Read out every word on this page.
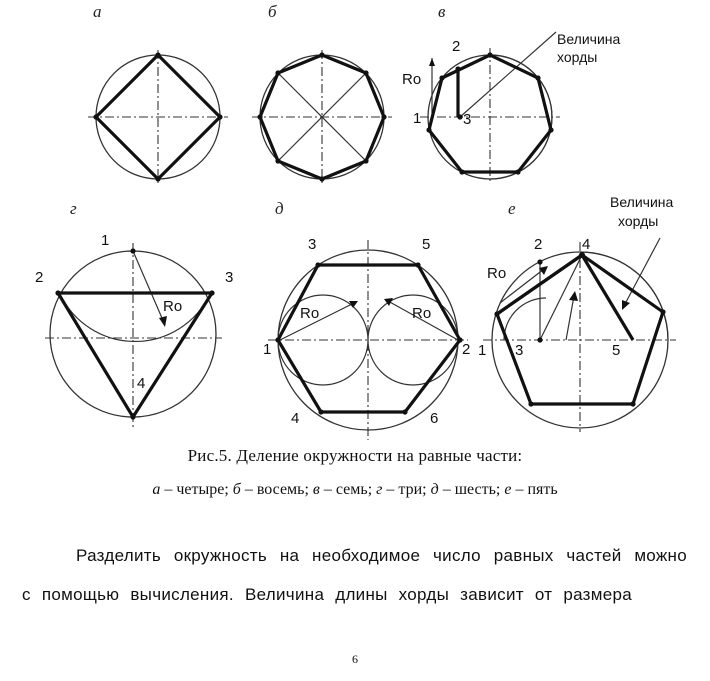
а	б	в
Ro
2
1	3
Величина
хорды
г
1
2	3
4
Ro
д
1	2
3
4
5
6
Ro	Ro
е
1
2
3
4
5
Ro
Величина
хорды
Рис.5. Деление окружности на равные части:
а – четыре; б – восемь; в – семь; г – три; д – шесть; е – пять
Разделить окружность на необходимое число равных частей можно с помощью вычисления. Величина длины хорды зависит от размера
6
